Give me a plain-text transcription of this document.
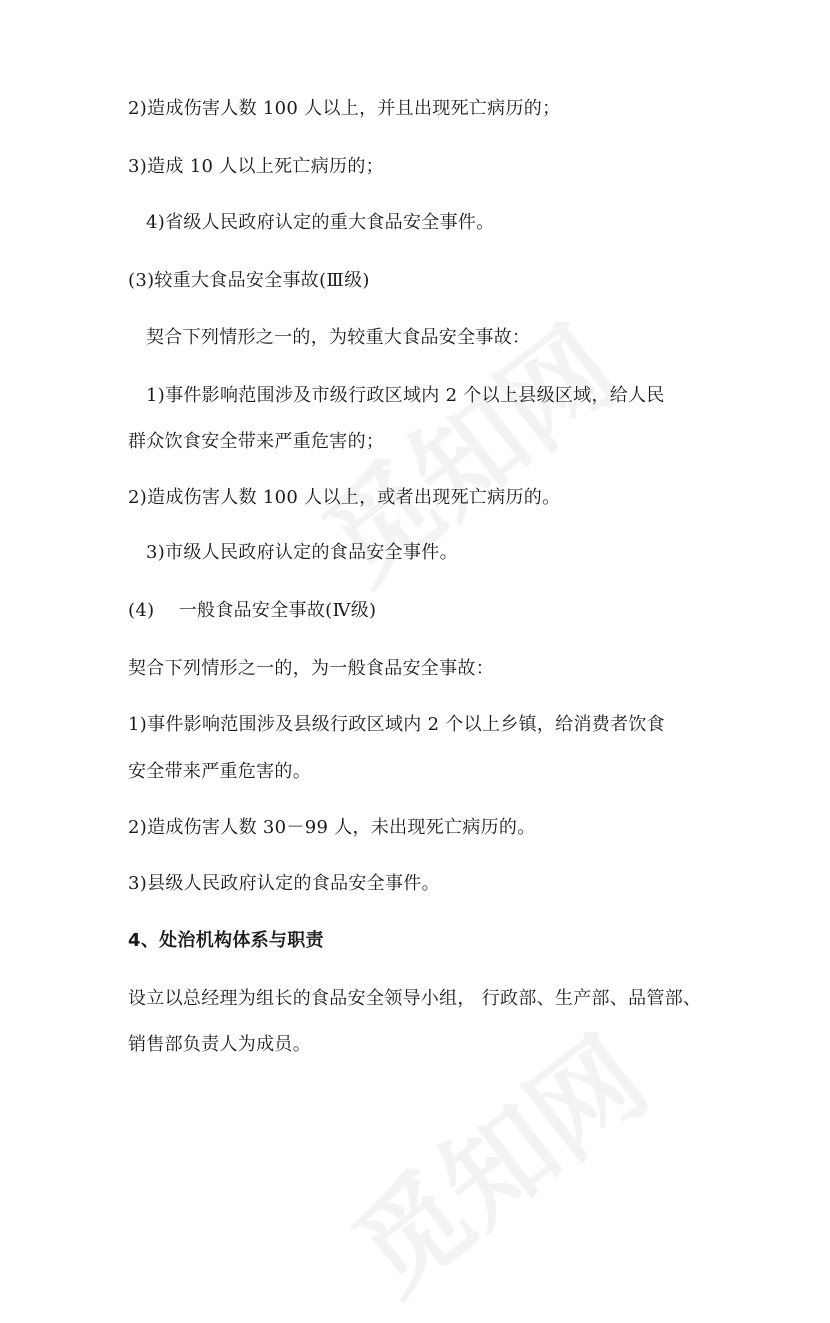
2)造成伤害人数 100 人以上，并且出现死亡病历的；
3)造成 10 人以上死亡病历的；
4)省级人民政府认定的重大食品安全事件。
(3)较重大食品安全事故(Ⅲ级)
契合下列情形之一的，为较重大食品安全事故：
1)事件影响范围涉及市级行政区域内 2 个以上县级区域，给人民
群众饮食安全带来严重危害的；
2)造成伤害人数 100 人以上，或者出现死亡病历的。
3)市级人民政府认定的食品安全事件。
(4)　 一般食品安全事故(Ⅳ级)
契合下列情形之一的，为一般食品安全事故：
1)事件影响范围涉及县级行政区域内 2 个以上乡镇，给消费者饮食
安全带来严重危害的。
2)造成伤害人数 30－99 人，未出现死亡病历的。
3)县级人民政府认定的食品安全事件。
4、处治机构体系与职责
设立以总经理为组长的食品安全领导小组， 行政部、生产部、品管部、
销售部负责人为成员。
